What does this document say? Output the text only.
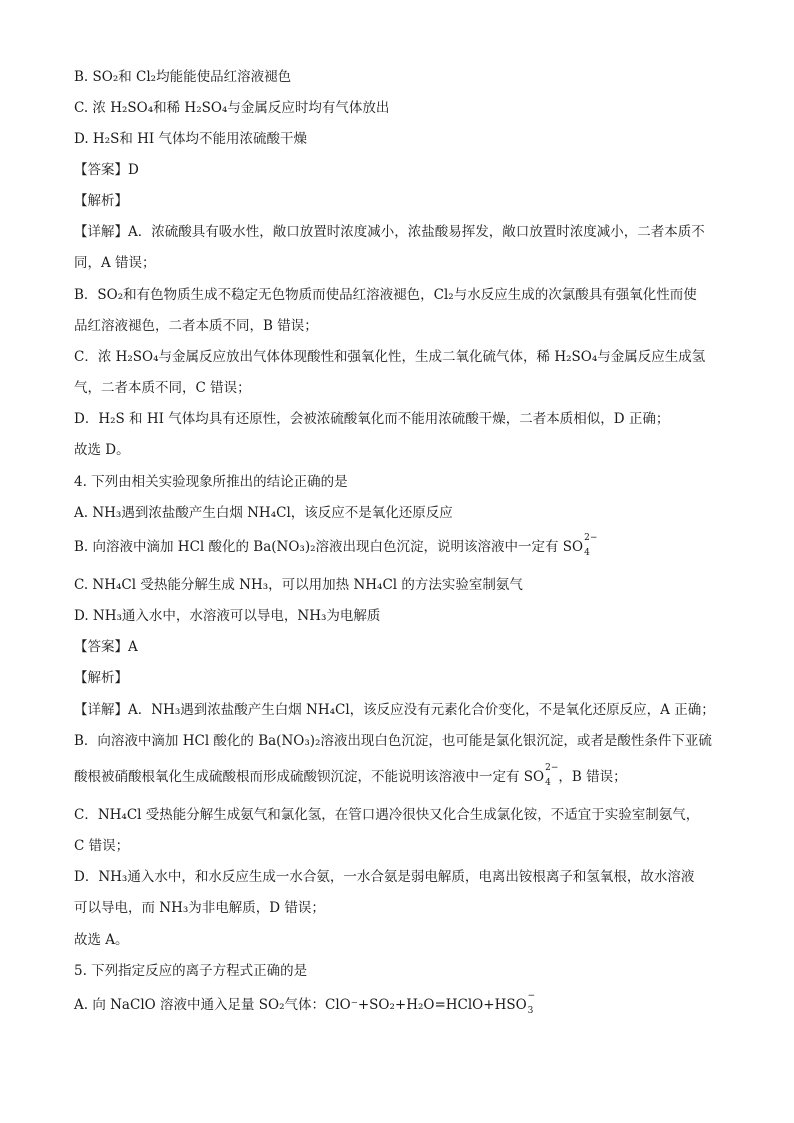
B. SO₂和 Cl₂均能能使品红溶液褪色
C. 浓 H₂SO₄和稀 H₂SO₄与金属反应时均有气体放出
D. H₂S和 HI 气体均不能用浓硫酸干燥
【答案】D
【解析】
【详解】A．浓硫酸具有吸水性，敞口放置时浓度减小，浓盐酸易挥发，敞口放置时浓度减小，二者本质不
同，A 错误；
B．SO₂和有色物质生成不稳定无色物质而使品红溶液褪色，Cl₂与水反应生成的次氯酸具有强氧化性而使
品红溶液褪色，二者本质不同，B 错误；
C．浓 H₂SO₄与金属反应放出气体体现酸性和强氧化性，生成二氧化硫气体，稀 H₂SO₄与金属反应生成氢
气，二者本质不同，C 错误；
D．H₂S 和 HI 气体均具有还原性，会被浓硫酸氧化而不能用浓硫酸干燥，二者本质相似，D 正确；
故选 D。
4. 下列由相关实验现象所推出的结论正确的是
A. NH₃遇到浓盐酸产生白烟 NH₄Cl，该反应不是氧化还原反应
B. 向溶液中滴加 HCl 酸化的 Ba(NO₃)₂溶液出现白色沉淀，说明该溶液中一定有 SO
2−
4
C. NH₄Cl 受热能分解生成 NH₃，可以用加热 NH₄Cl 的方法实验室制氨气
D. NH₃通入水中，水溶液可以导电，NH₃为电解质
【答案】A
【解析】
【详解】A．NH₃遇到浓盐酸产生白烟 NH₄Cl，该反应没有元素化合价变化，不是氧化还原反应，A 正确；
B．向溶液中滴加 HCl 酸化的 Ba(NO₃)₂溶液出现白色沉淀，也可能是氯化银沉淀，或者是酸性条件下亚硫
酸根被硝酸根氧化生成硫酸根而形成硫酸钡沉淀，不能说明该溶液中一定有 SO
2−
4 ，B 错误；
C．NH₄Cl 受热能分解生成氨气和氯化氢，在管口遇冷很快又化合生成氯化铵，不适宜于实验室制氨气，
C 错误；
D．NH₃通入水中，和水反应生成一水合氨，一水合氨是弱电解质，电离出铵根离子和氢氧根，故水溶液
可以导电，而 NH₃为非电解质，D 错误；
故选 A。
5. 下列指定反应的离子方程式正确的是
A. 向 NaClO 溶液中通入足量 SO₂气体：ClO⁻+SO₂+H₂O=HClO+HSO
−
3
